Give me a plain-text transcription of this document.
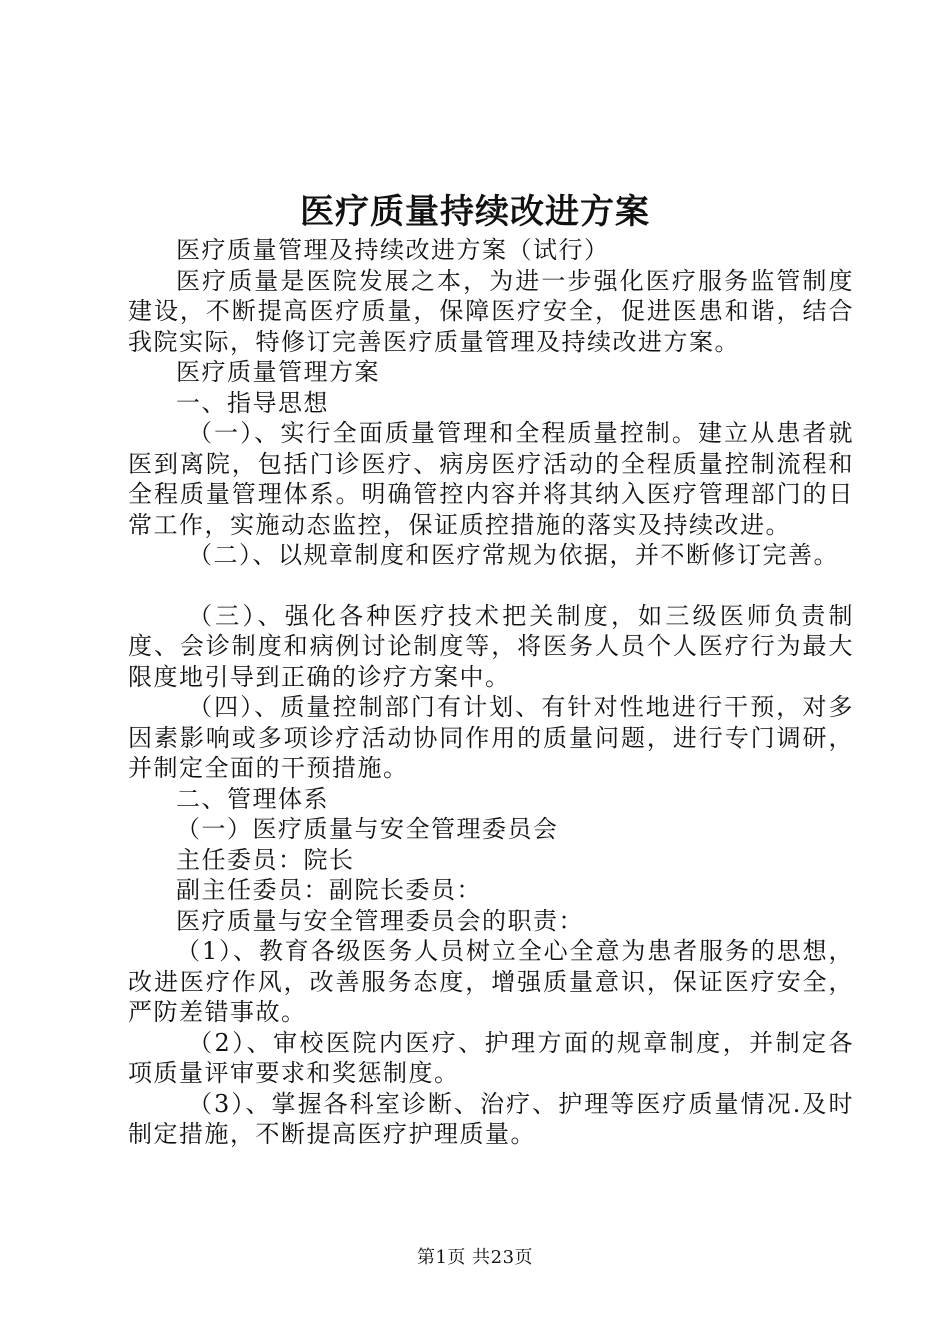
医疗质量持续改进方案

医疗质量管理及持续改进方案（试行）

医疗质量是医院发展之本，为进一步强化医疗服务监管制度建设，不断提高医疗质量，保障医疗安全，促进医患和谐，结合我院实际，特修订完善医疗质量管理及持续改进方案。

医疗质量管理方案

一、指导思想

（一）、实行全面质量管理和全程质量控制。建立从患者就医到离院，包括门诊医疗、病房医疗活动的全程质量控制流程和全程质量管理体系。明确管控内容并将其纳入医疗管理部门的日常工作，实施动态监控，保证质控措施的落实及持续改进。

（二）、以规章制度和医疗常规为依据，并不断修订完善。

（三）、强化各种医疗技术把关制度，如三级医师负责制度、会诊制度和病例讨论制度等，将医务人员个人医疗行为最大限度地引导到正确的诊疗方案中。

（四）、质量控制部门有计划、有针对性地进行干预，对多因素影响或多项诊疗活动协同作用的质量问题，进行专门调研，并制定全面的干预措施。

二、管理体系

（一）医疗质量与安全管理委员会

主任委员：院长

副主任委员：副院长委员：

医疗质量与安全管理委员会的职责：

（1）、教育各级医务人员树立全心全意为患者服务的思想，改进医疗作风，改善服务态度，增强质量意识，保证医疗安全，严防差错事故。

（2）、审校医院内医疗、护理方面的规章制度，并制定各项质量评审要求和奖惩制度。

（3）、掌握各科室诊断、治疗、护理等医疗质量情况.及时制定措施，不断提高医疗护理质量。

第1页 共23页
